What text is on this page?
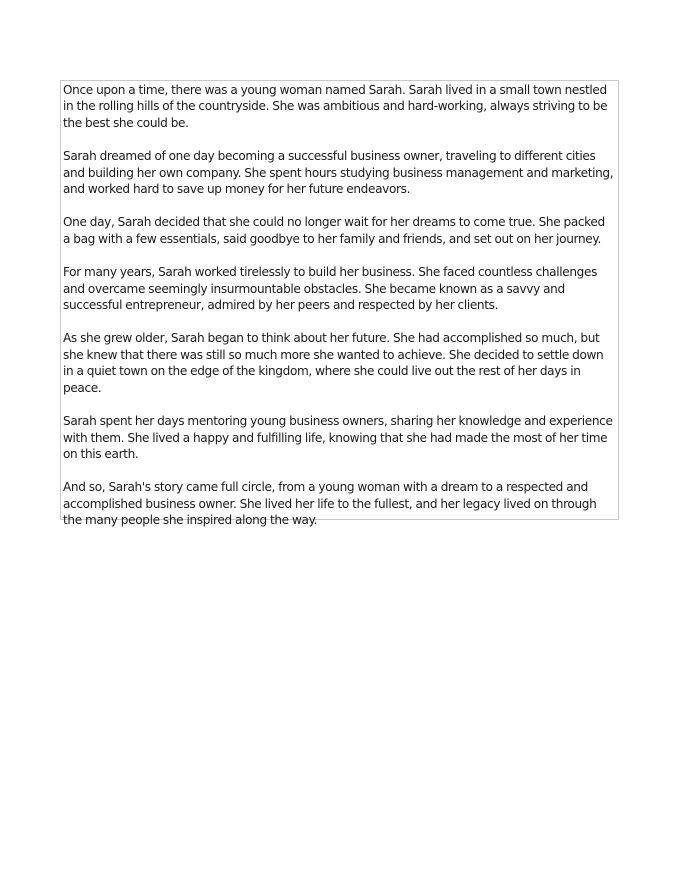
Once upon a time, there was a young woman named Sarah. Sarah lived in a small town nestled in the rolling hills of the countryside. She was ambitious and hard-working, always striving to be the best she could be.

Sarah dreamed of one day becoming a successful business owner, traveling to different cities and building her own company. She spent hours studying business management and marketing, and worked hard to save up money for her future endeavors.

One day, Sarah decided that she could no longer wait for her dreams to come true. She packed a bag with a few essentials, said goodbye to her family and friends, and set out on her journey.

For many years, Sarah worked tirelessly to build her business. She faced countless challenges and overcame seemingly insurmountable obstacles. She became known as a savvy and successful entrepreneur, admired by her peers and respected by her clients.

As she grew older, Sarah began to think about her future. She had accomplished so much, but she knew that there was still so much more she wanted to achieve. She decided to settle down in a quiet town on the edge of the kingdom, where she could live out the rest of her days in peace.

Sarah spent her days mentoring young business owners, sharing her knowledge and experience with them. She lived a happy and fulfilling life, knowing that she had made the most of her time on this earth.

And so, Sarah's story came full circle, from a young woman with a dream to a respected and accomplished business owner. She lived her life to the fullest, and her legacy lived on through the many people she inspired along the way.
